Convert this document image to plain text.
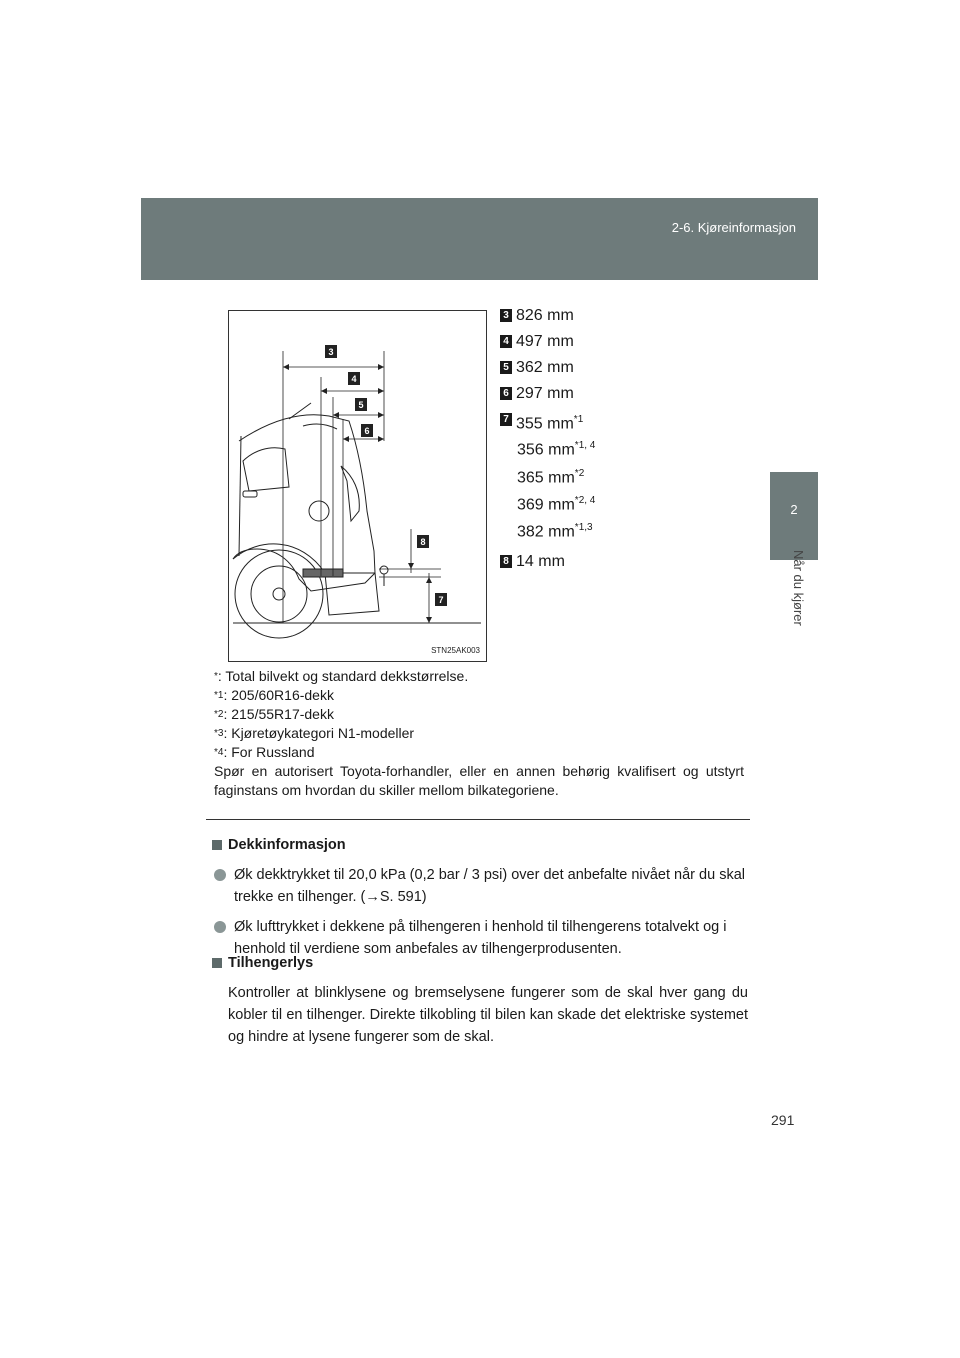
2-6. Kjøreinformasjon
2
Når du kjører
3
4
5
6
8
7
STN25AK003
3 826 mm
4 497 mm
5 362 mm
6 297 mm
7 355 $mm^{*1}$
356 mm$^{*1, 4}$
365 $mm^{*2}$
369 mm$^{*2, 4}$
382 mm$^{*1,3}$
8 14 mm
*: Total bilvekt og standard dekkstørrelse.
$^{*1}$: 205/60R16-dekk
$^{*2}$: 215/55R17-dekk
$^{*3}$: Kjøretøykategori N1-modeller
$^{*4}$: For Russland
Spør en autorisert Toyota-forhandler, eller en annen behørig kvalifisert og utstyrt faginstans om hvordan du skiller mellom bilkategoriene.
Dekkinformasjon
Øk dekktrykket til 20,0 kPa (0,2 bar / 3 psi) over det anbefalte nivået når du skal trekke en tilhenger. (→S. 591)
Øk lufttrykket i dekkene på tilhengeren i henhold til tilhengerens totalvekt og i henhold til verdiene som anbefales av tilhengerprodusenten.
Tilhengerlys
Kontroller at blinklysene og bremselysene fungerer som de skal hver gang du kobler til en tilhenger. Direkte tilkobling til bilen kan skade det elektriske systemet og hindre at lysene fungerer som de skal.
291
